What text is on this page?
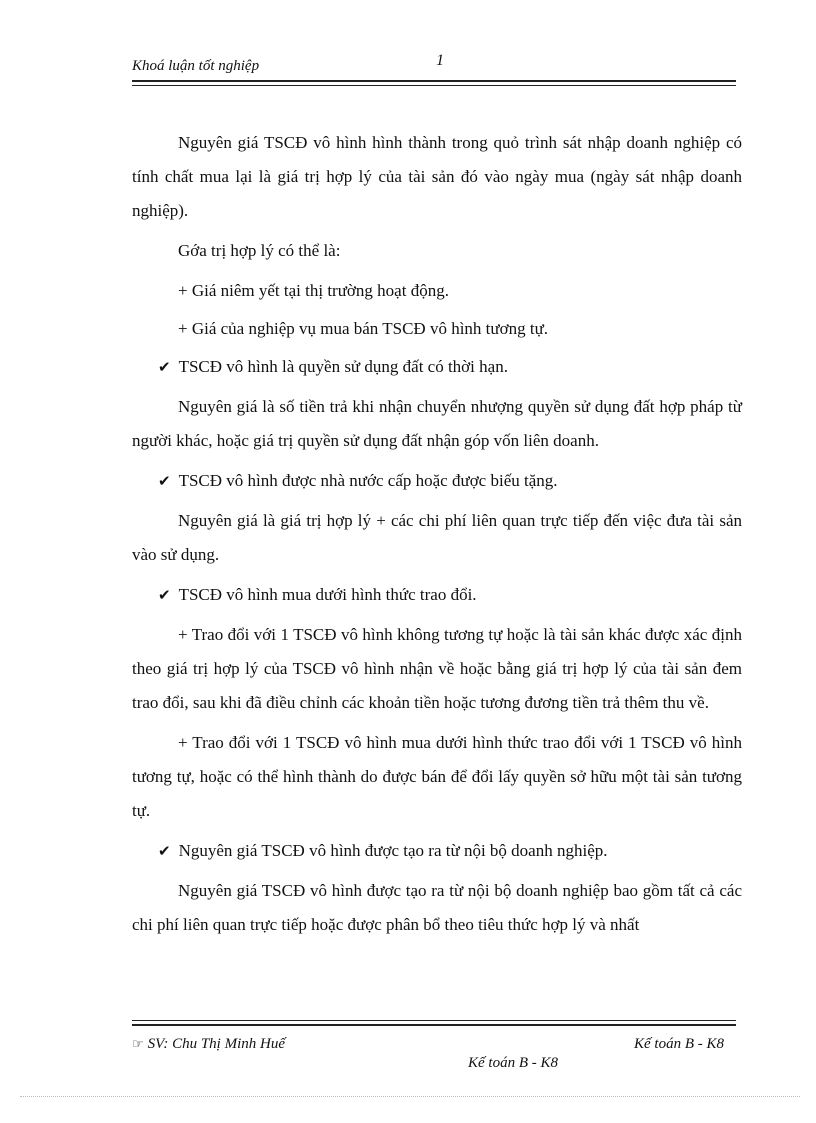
Khoá luận tốt nghiệp	1

Nguyên giá TSCĐ vô hình hình thành trong quỏ trình sát nhập doanh nghiệp có tính chất mua lại là giá trị hợp lý của tài sản đó vào ngày mua (ngày sát nhập doanh nghiệp).

Gớa trị hợp lý có thể là:

+ Giá niêm yết tại thị trường hoạt động.

+ Giá của nghiệp vụ mua bán TSCĐ vô hình tương tự.

✔ TSCĐ vô hình là quyền sử dụng đất có thời hạn.

Nguyên giá là số tiền trả khi nhận chuyển nhượng quyền sử dụng đất hợp pháp từ người khác, hoặc giá trị quyền sử dụng đất nhận góp vốn liên doanh.

✔ TSCĐ vô hình được nhà nước cấp hoặc được biếu tặng.

Nguyên giá là giá trị hợp lý + các chi phí liên quan trực tiếp đến việc đưa tài sản vào sử dụng.

✔ TSCĐ vô hình mua dưới hình thức trao đổi.

+ Trao đổi với 1 TSCĐ vô hình không tương tự hoặc là tài sản khác được xác định theo giá trị hợp lý của TSCĐ vô hình nhận về hoặc bằng giá trị hợp lý của tài sản đem trao đổi, sau khi đã điều chỉnh các khoản tiền hoặc tương đương tiền trả thêm thu về.

+ Trao đổi với 1 TSCĐ vô hình mua dưới hình thức trao đổi với 1 TSCĐ vô hình tương tự, hoặc có thể hình thành do được bán để đổi lấy quyền sở hữu một tài sản tương tự.

✔ Nguyên giá TSCĐ vô hình được tạo ra từ nội bộ doanh nghiệp.

Nguyên giá TSCĐ vô hình được tạo ra từ nội bộ doanh nghiệp bao gồm tất cả các chi phí liên quan trực tiếp hoặc được phân bổ theo tiêu thức hợp lý và nhất

☞ SV: Chu Thị Minh Huế	Kế toán B - K8
Kế toán B - K8
